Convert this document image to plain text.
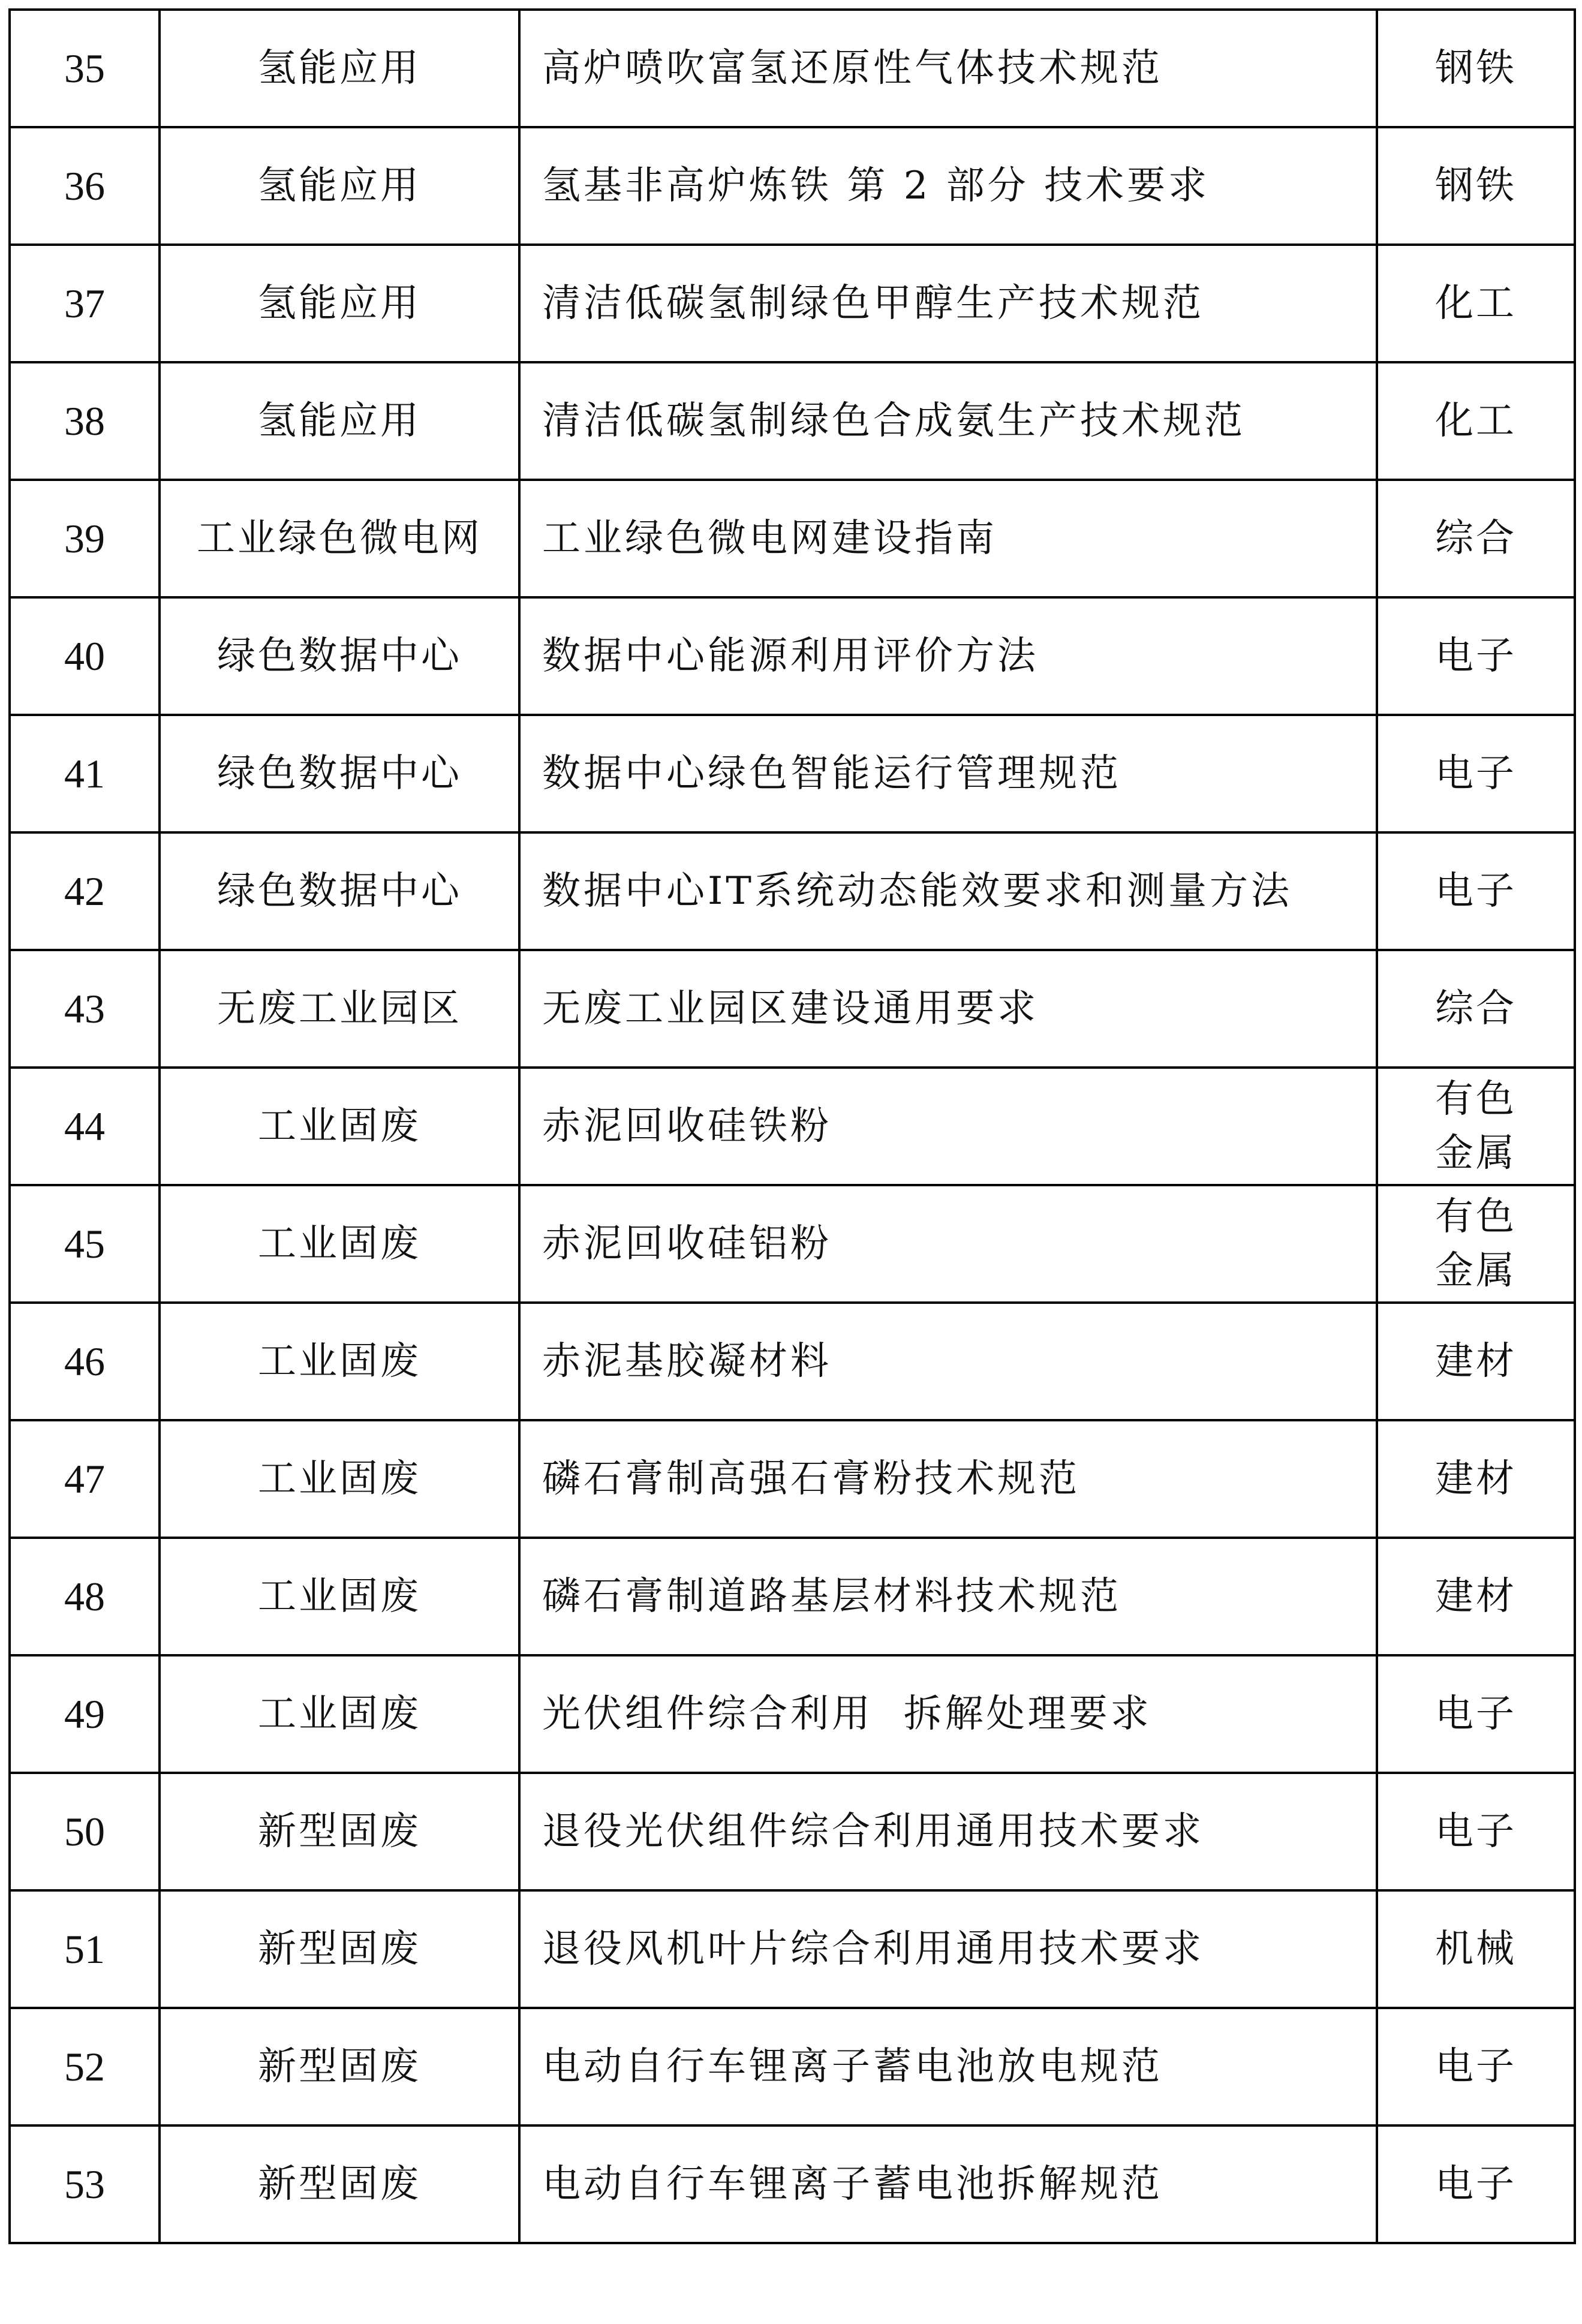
35	氢能应用	高炉喷吹富氢还原性气体技术规范	钢铁
36	氢能应用	氢基非高炉炼铁 第 2 部分 技术要求	钢铁
37	氢能应用	清洁低碳氢制绿色甲醇生产技术规范	化工
38	氢能应用	清洁低碳氢制绿色合成氨生产技术规范	化工
39	工业绿色微电网	工业绿色微电网建设指南	综合
40	绿色数据中心	数据中心能源利用评价方法	电子
41	绿色数据中心	数据中心绿色智能运行管理规范	电子
42	绿色数据中心	数据中心IT系统动态能效要求和测量方法	电子
43	无废工业园区	无废工业园区建设通用要求	综合
44	工业固废	赤泥回收硅铁粉	有色
金属
45	工业固废	赤泥回收硅铝粉	有色
金属
46	工业固废	赤泥基胶凝材料	建材
47	工业固废	磷石膏制高强石膏粉技术规范	建材
48	工业固废	磷石膏制道路基层材料技术规范	建材
49	工业固废	光伏组件综合利用  拆解处理要求	电子
50	新型固废	退役光伏组件综合利用通用技术要求	电子
51	新型固废	退役风机叶片综合利用通用技术要求	机械
52	新型固废	电动自行车锂离子蓄电池放电规范	电子
53	新型固废	电动自行车锂离子蓄电池拆解规范	电子
